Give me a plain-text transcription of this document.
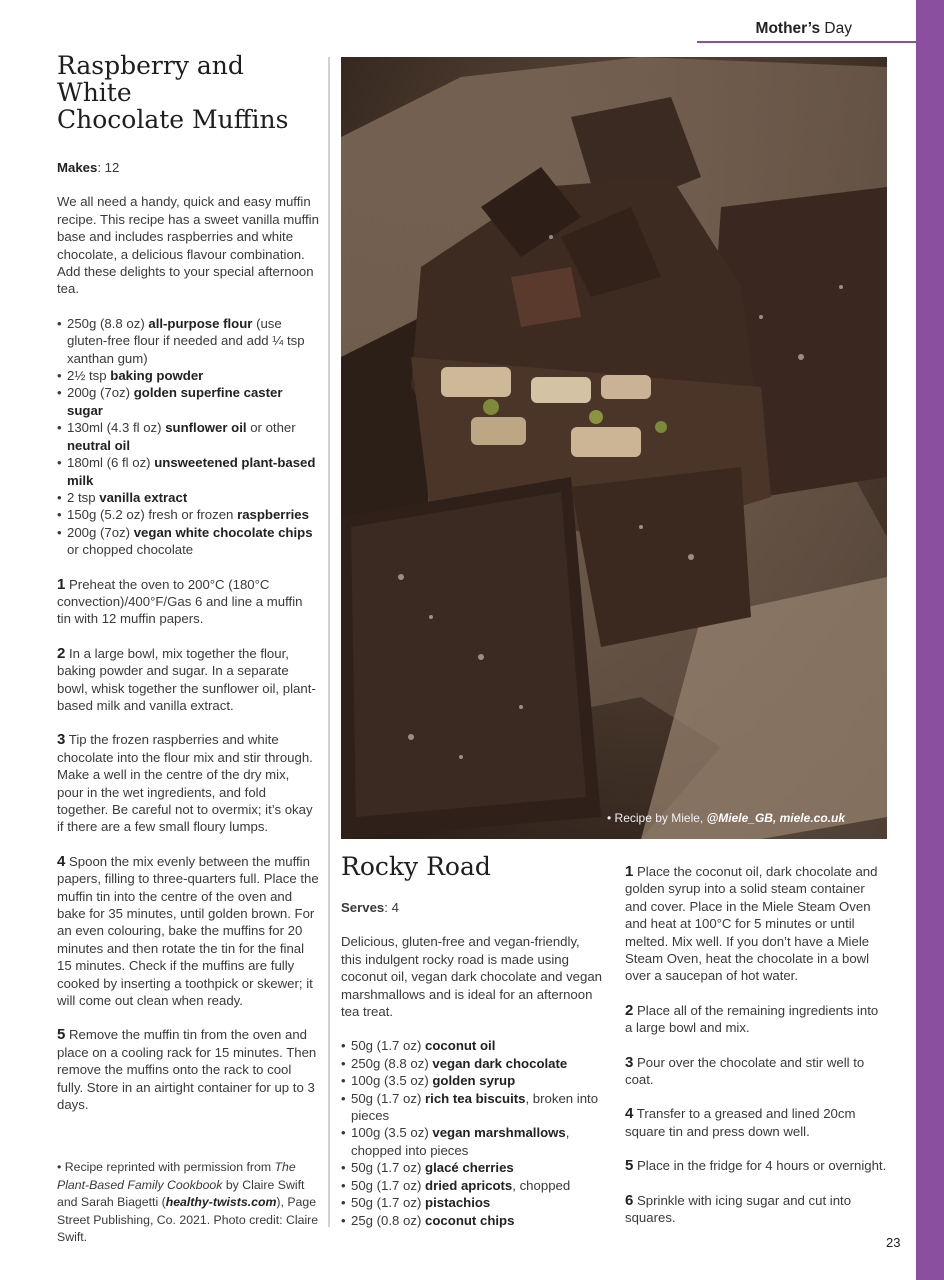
Mother’s Day
Raspberry and White
Chocolate Muffins

Makes: 12

We all need a handy, quick and easy muffin recipe. This recipe has a sweet vanilla muffin base and includes raspberries and white chocolate, a delicious flavour combination. Add these delights to your special afternoon tea.

• 250g (8.8 oz) all-purpose flour (use gluten-free flour if needed and add ¼ tsp xanthan gum)
• 2½ tsp baking powder
• 200g (7oz) golden superfine caster sugar
• 130ml (4.3 fl oz) sunflower oil or other neutral oil
• 180ml (6 fl oz) unsweetened plant-based milk
• 2 tsp vanilla extract
• 150g (5.2 oz) fresh or frozen raspberries
• 200g (7oz) vegan white chocolate chips or chopped chocolate

1 Preheat the oven to 200°C (180°C convection)/400°F/Gas 6 and line a muffin tin with 12 muffin papers.

2 In a large bowl, mix together the flour, baking powder and sugar. In a separate bowl, whisk together the sunflower oil, plant-based milk and vanilla extract.

3 Tip the frozen raspberries and white chocolate into the flour mix and stir through. Make a well in the centre of the dry mix, pour in the wet ingredients, and fold together. Be careful not to overmix; it’s okay if there are a few small floury lumps.

4 Spoon the mix evenly between the muffin papers, filling to three-quarters full. Place the muffin tin into the centre of the oven and bake for 35 minutes, until golden brown. For an even colouring, bake the muffins for 20 minutes and then rotate the tin for the final 15 minutes. Check if the muffins are fully cooked by inserting a toothpick or skewer; it will come out clean when ready.

5 Remove the muffin tin from the oven and place on a cooling rack for 15 minutes. Then remove the muffins onto the rack to cool fully. Store in an airtight container for up to 3 days.

• Recipe reprinted with permission from The Plant-Based Family Cookbook by Claire Swift and Sarah Biagetti (healthy-twists.com), Page Street Publishing, Co. 2021. Photo credit: Claire Swift.
• Recipe by Miele, @Miele_GB, miele.co.uk
Rocky Road

Serves: 4

Delicious, gluten-free and vegan-friendly, this indulgent rocky road is made using coconut oil, vegan dark chocolate and vegan marshmallows and is ideal for an afternoon tea treat.

• 50g (1.7 oz) coconut oil
• 250g (8.8 oz) vegan dark chocolate
• 100g (3.5 oz) golden syrup
• 50g (1.7 oz) rich tea biscuits, broken into pieces
• 100g (3.5 oz) vegan marshmallows, chopped into pieces
• 50g (1.7 oz) glacé cherries
• 50g (1.7 oz) dried apricots, chopped
• 50g (1.7 oz) pistachios
• 25g (0.8 oz) coconut chips

1 Place the coconut oil, dark chocolate and golden syrup into a solid steam container and cover. Place in the Miele Steam Oven and heat at 100°C for 5 minutes or until melted. Mix well. If you don’t have a Miele Steam Oven, heat the chocolate in a bowl over a saucepan of hot water.

2 Place all of the remaining ingredients into a large bowl and mix.

3 Pour over the chocolate and stir well to coat.

4 Transfer to a greased and lined 20cm square tin and press down well.

5 Place in the fridge for 4 hours or overnight.

6 Sprinkle with icing sugar and cut into squares.

23
